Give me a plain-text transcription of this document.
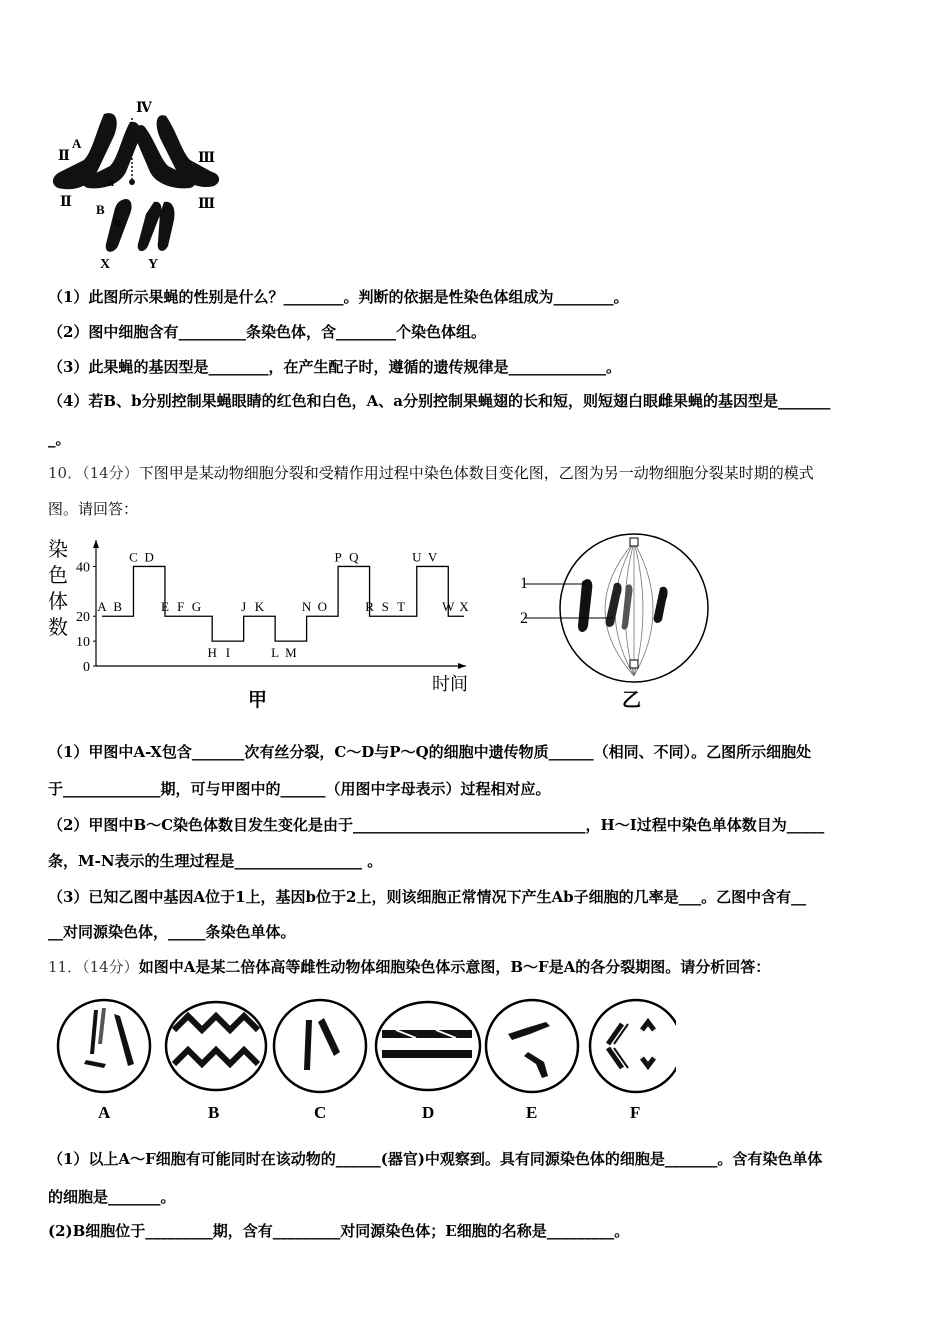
Ⅳ
Ⅱ
A
Ⅲ
a
Ⅱ	Ⅲ
B
b
X	Y
（1）此图所示果蝇的性别是什么？________。判断的依据是性染色体组成为________。
（2）图中细胞含有_________条染色体，含________个染色体组。
（3）此果蝇的基因型是________，在产生配子时，遵循的遗传规律是_____________。
（4）若B、b分别控制果蝇眼睛的红色和白色，A、a分别控制果蝇翅的长和短，则短翅白眼雌果蝇的基因型是_______
_。
10．（14分）下图甲是某动物细胞分裂和受精作用过程中染色体数目变化图，乙图为另一动物细胞分裂某时期的模式
图。请回答：
染
色
体
数
0
10
20
40
A B
C D
E F G
H I
J K
L M
N O
P Q
R S T
U V
W X
时间
甲
1
2
乙
（1）甲图中A-X包含_______次有丝分裂，C～D与P～Q的细胞中遗传物质______（相同、不同）。乙图所示细胞处
于_____________期，可与甲图中的______（用图中字母表示）过程相对应。
（2）甲图中B～C染色体数目发生变化是由于_______________________________，H～I过程中染色单体数目为_____
条，M-N表示的生理过程是_________________ 。
（3）已知乙图中基因A位于1上，基因b位于2上，则该细胞正常情况下产生Ab子细胞的几率是___。乙图中含有__
__对同源染色体，_____条染色单体。
11．（14分）如图中A是某二倍体高等雌性动物体细胞染色体示意图，B～F是A的各分裂期图。请分析回答：
A	B	C	D	E	F
（1）以上A～F细胞有可能同时在该动物的______(器官)中观察到。具有同源染色体的细胞是_______。含有染色单体
的细胞是_______。
(2)B细胞位于_________期，含有_________对同源染色体；E细胞的名称是_________。
